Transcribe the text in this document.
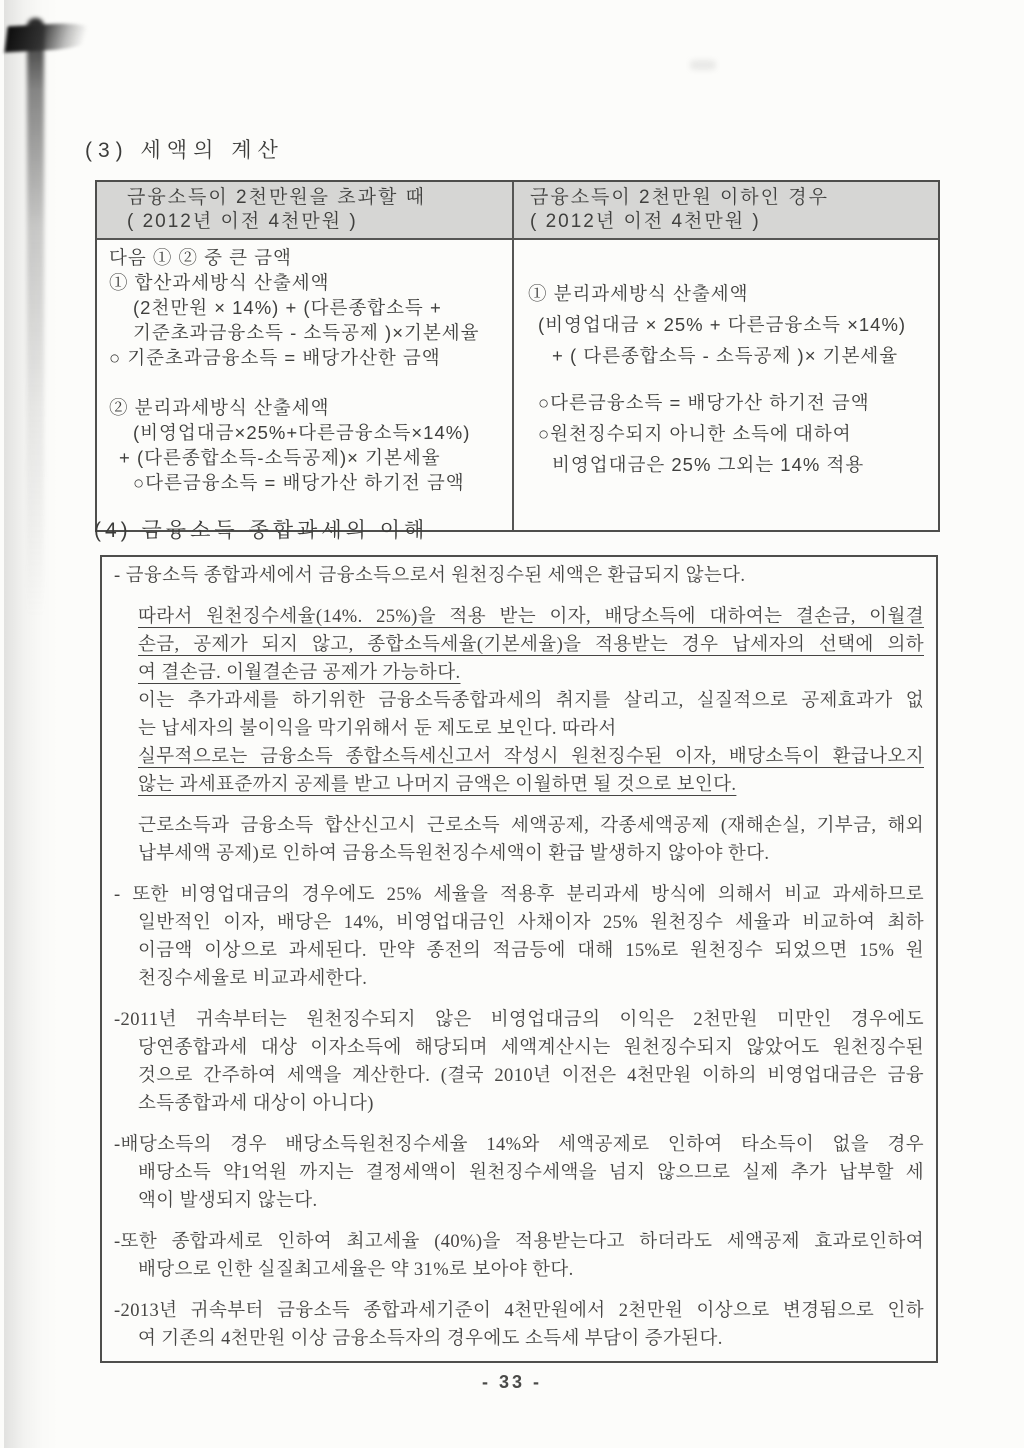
(3) 세액의 계산
금융소득이 2천만원을 초과할 때
( 2012년 이전 4천만원 )
금융소득이 2천만원 이하인 경우
( 2012년 이전 4천만원 )
다음 ① ② 중 큰 금액
① 합산과세방식 산출세액
(2천만원 × 14%) + (다른종합소득 +
기준초과금융소득 - 소득공제 )×기본세율
○ 기준초과금융소득 = 배당가산한 금액
② 분리과세방식 산출세액
(비영업대금×25%+다른금융소득×14%)
+ (다른종합소득-소득공제)× 기본세율
○다른금융소득 = 배당가산 하기전 금액
① 분리과세방식 산출세액
(비영업대금 × 25% + 다른금융소득 ×14%)
+ ( 다른종합소득 - 소득공제 )× 기본세율
○다른금융소득 = 배당가산 하기전 금액
○원천징수되지 아니한 소득에 대하여
비영업대금은 25% 그외는 14% 적용
(4) 금융소득 종합과세의 이해
- 금융소득 종합과세에서 금융소득으로서 원천징수된 세액은 환급되지 않는다.
따라서 원천징수세율(14%. 25%)을 적용 받는 이자, 배당소득에 대하여는 결손금, 이월결
손금, 공제가 되지 않고, 종합소득세율(기본세율)을 적용받는 경우 납세자의 선택에 의하
여 결손금. 이월결손금 공제가 가능하다.
이는 추가과세를 하기위한 금융소득종합과세의 취지를 살리고, 실질적으로 공제효과가 없
는 납세자의 불이익을 막기위해서 둔 제도로 보인다. 따라서
실무적으로는 금융소득 종합소득세신고서 작성시 원천징수된 이자, 배당소득이 환급나오지
않는 과세표준까지 공제를 받고 나머지 금액은 이월하면 될 것으로 보인다.
근로소득과 금융소득 합산신고시 근로소득 세액공제, 각종세액공제 (재해손실, 기부금, 해외
납부세액 공제)로 인하여 금융소득원천징수세액이 환급 발생하지 않아야 한다.
- 또한 비영업대금의 경우에도 25% 세율을 적용후 분리과세 방식에 의해서 비교 과세하므로
일반적인 이자, 배당은 14%, 비영업대금인 사채이자 25% 원천징수 세율과 비교하여 최하
이금액 이상으로 과세된다. 만약 종전의 적금등에 대해 15%로 원천징수 되었으면 15% 원
천징수세율로 비교과세한다.
-2011년 귀속부터는 원천징수되지 않은 비영업대금의 이익은 2천만원 미만인 경우에도
당연종합과세 대상 이자소득에 해당되며 세액계산시는 원천징수되지 않았어도 원천징수된
것으로 간주하여 세액을 계산한다. (결국 2010년 이전은 4천만원 이하의 비영업대금은 금융
소득종합과세 대상이 아니다)
-배당소득의 경우 배당소득원천징수세율 14%와 세액공제로 인하여 타소득이 없을 경우
배당소득 약1억원 까지는 결정세액이 원천징수세액을 넘지 않으므로 실제 추가 납부할 세
액이 발생되지 않는다.
-또한 종합과세로 인하여 최고세율 (40%)을 적용받는다고 하더라도 세액공제 효과로인하여
배당으로 인한 실질최고세율은 약 31%로 보아야 한다.
-2013년 귀속부터 금융소득 종합과세기준이 4천만원에서 2천만원 이상으로 변경됨으로 인하
여 기존의 4천만원 이상 금융소득자의 경우에도 소득세 부담이 증가된다.
- 33 -
